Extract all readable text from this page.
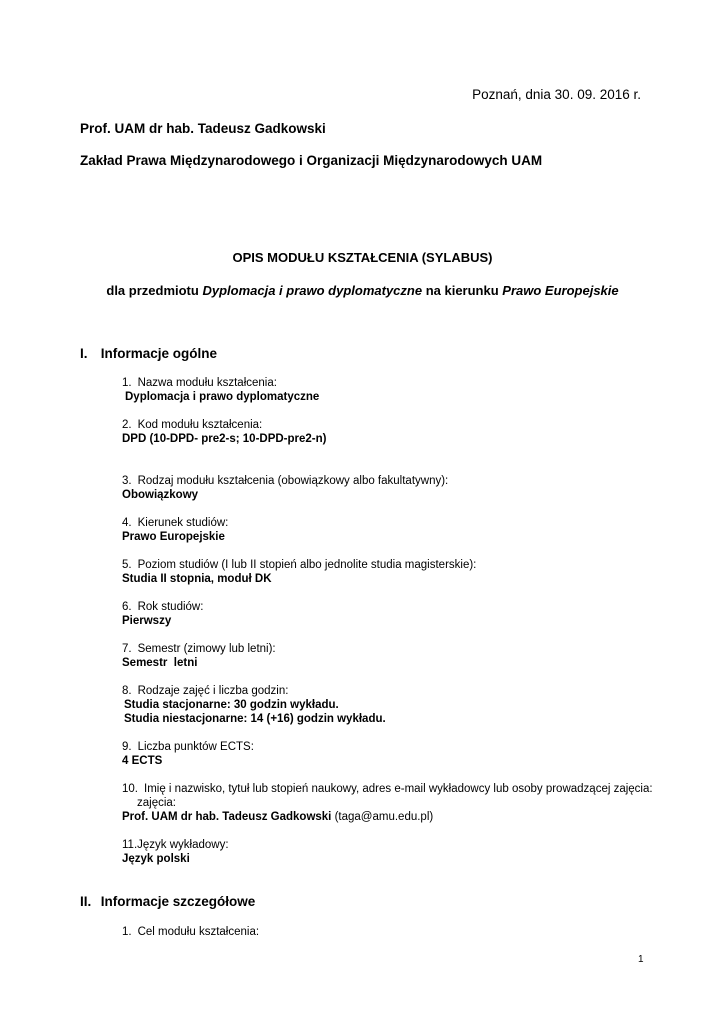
Poznań, dnia 30. 09. 2016 r.
Prof. UAM dr hab. Tadeusz Gadkowski
Zakład Prawa Międzynarodowego i Organizacji Międzynarodowych UAM
OPIS MODUŁU KSZTAŁCENIA (SYLABUS)
dla przedmiotu Dyplomacja i prawo dyplomatyczne na kierunku Prawo Europejskie
I. Informacje ogólne
1. Nazwa modułu kształcenia:
Dyplomacja i prawo dyplomatyczne
2. Kod modułu kształcenia:
DPD (10-DPD- pre2-s; 10-DPD-pre2-n)
3. Rodzaj modułu kształcenia (obowiązkowy albo fakultatywny):
Obowiązkowy
4. Kierunek studiów:
Prawo Europejskie
5. Poziom studiów (I lub II stopień albo jednolite studia magisterskie):
Studia II stopnia, moduł DK
6. Rok studiów:
Pierwszy
7. Semestr (zimowy lub letni):
Semestr  letni
8. Rodzaje zajęć i liczba godzin:
Studia stacjonarne: 30 godzin wykładu.
Studia niestacjonarne: 14 (+16) godzin wykładu.
9. Liczba punktów ECTS:
4 ECTS
10. Imię i nazwisko, tytuł lub stopień naukowy, adres e-mail wykładowcy lub osoby prowadzącej zajęcia:
zajęcia:
Prof. UAM dr hab. Tadeusz Gadkowski (taga@amu.edu.pl)
11.Język wykładowy:
Język polski
II. Informacje szczegółowe
1. Cel modułu kształcenia:
1
